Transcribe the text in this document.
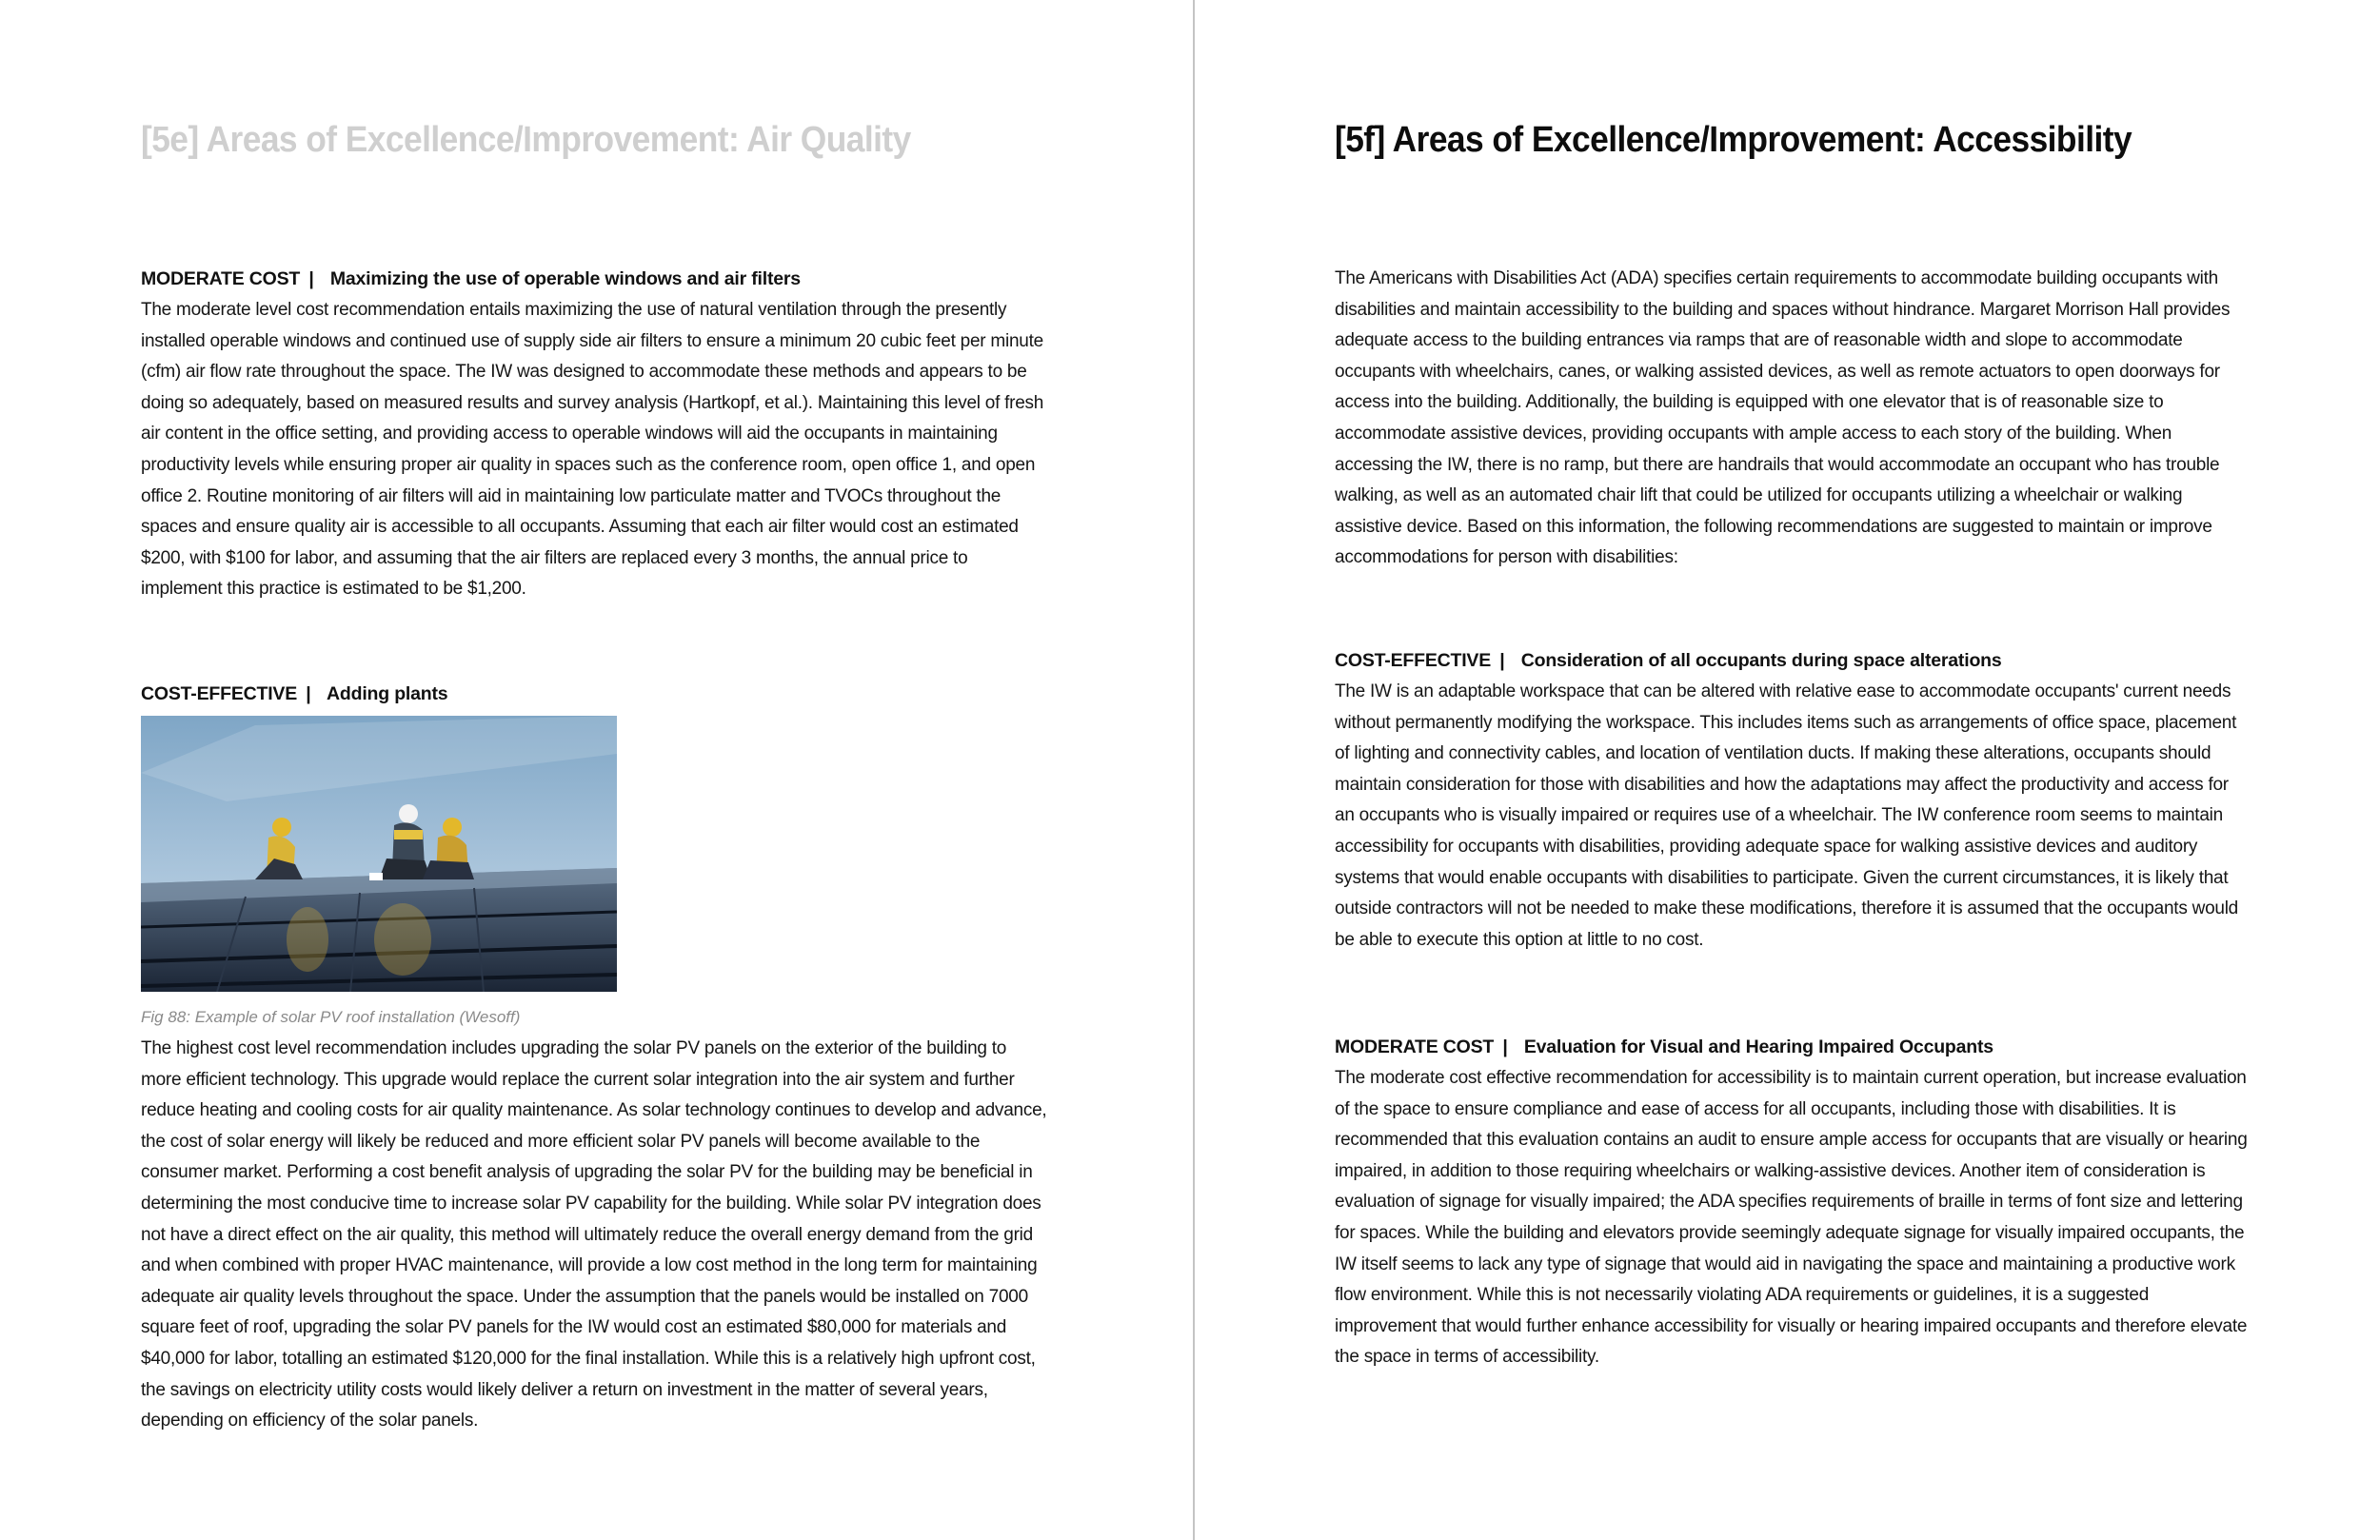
[5e] Areas of Excellence/Improvement: Air Quality
MODERATE COST | Maximizing the use of operable windows and air filters

The moderate level cost recommendation entails maximizing the use of natural ventilation through the presently installed operable windows and continued use of supply side air filters to ensure a minimum 20 cubic feet per minute (cfm) air flow rate throughout the space. The IW was designed to accommodate these methods and appears to be doing so adequately, based on measured results and survey analysis (Hartkopf, et al.). Maintaining this level of fresh air content in the office setting, and providing access to operable windows will aid the occupants in maintaining productivity levels while ensuring proper air quality in spaces such as the conference room, open office 1, and open office 2. Routine monitoring of air filters will aid in maintaining low particulate matter and TVOCs throughout the spaces and ensure quality air is accessible to all occupants. Assuming that each air filter would cost an estimated $200, with $100 for labor, and assuming that the air filters are replaced every 3 months, the annual price to implement this practice is estimated to be $1,200.

COST-EFFECTIVE | Adding plants
Fig 88: Example of solar PV roof installation (Wesoff)

The highest cost level recommendation includes upgrading the solar PV panels on the exterior of the building to more efficient technology. This upgrade would replace the current solar integration into the air system and further reduce heating and cooling costs for air quality maintenance. As solar technology continues to develop and advance, the cost of solar energy will likely be reduced and more efficient solar PV panels will become available to the consumer market. Performing a cost benefit analysis of upgrading the solar PV for the building may be beneficial in determining the most conducive time to increase solar PV capability for the building. While solar PV integration does not have a direct effect on the air quality, this method will ultimately reduce the overall energy demand from the grid and when combined with proper HVAC maintenance, will provide a low cost method in the long term for maintaining adequate air quality levels throughout the space. Under the assumption that the panels would be installed on 7000 square feet of roof, upgrading the solar PV panels for the IW would cost an estimated $80,000 for materials and $40,000 for labor, totalling an estimated $120,000 for the final installation. While this is a relatively high upfront cost, the savings on electricity utility costs would likely deliver a return on investment in the matter of several years, depending on efficiency of the solar panels.

[5f] Areas of Excellence/Improvement: Accessibility

The Americans with Disabilities Act (ADA) specifies certain requirements to accommodate building occupants with disabilities and maintain accessibility to the building and spaces without hindrance. Margaret Morrison Hall provides adequate access to the building entrances via ramps that are of reasonable width and slope to accommodate occupants with wheelchairs, canes, or walking assisted devices, as well as remote actuators to open doorways for access into the building. Additionally, the building is equipped with one elevator that is of reasonable size to accommodate assistive devices, providing occupants with ample access to each story of the building. When accessing the IW, there is no ramp, but there are handrails that would accommodate an occupant who has trouble walking, as well as an automated chair lift that could be utilized for occupants utilizing a wheelchair or walking assistive device. Based on this information, the following recommendations are suggested to maintain or improve accommodations for person with disabilities:

COST-EFFECTIVE | Consideration of all occupants during space alterations

The IW is an adaptable workspace that can be altered with relative ease to accommodate occupants' current needs without permanently modifying the workspace. This includes items such as arrangements of office space, placement of lighting and connectivity cables, and location of ventilation ducts. If making these alterations, occupants should maintain consideration for those with disabilities and how the adaptations may affect the productivity and access for an occupants who is visually impaired or requires use of a wheelchair. The IW conference room seems to maintain accessibility for occupants with disabilities, providing adequate space for walking assistive devices and auditory systems that would enable occupants with disabilities to participate. Given the current circumstances, it is likely that outside contractors will not be needed to make these modifications, therefore it is assumed that the occupants would be able to execute this option at little to no cost.

MODERATE COST | Evaluation for Visual and Hearing Impaired Occupants

The moderate cost effective recommendation for accessibility is to maintain current operation, but increase evaluation of the space to ensure compliance and ease of access for all occupants, including those with disabilities. It is recommended that this evaluation contains an audit to ensure ample access for occupants that are visually or hearing impaired, in addition to those requiring wheelchairs or walking-assistive devices. Another item of consideration is evaluation of signage for visually impaired; the ADA specifies requirements of braille in terms of font size and lettering for spaces. While the building and elevators provide seemingly adequate signage for visually impaired occupants, the IW itself seems to lack any type of signage that would aid in navigating the space and maintaining a productive work flow environment. While this is not necessarily violating ADA requirements or guidelines, it is a suggested improvement that would further enhance accessibility for visually or hearing impaired occupants and therefore elevate the space in terms of accessibility.
